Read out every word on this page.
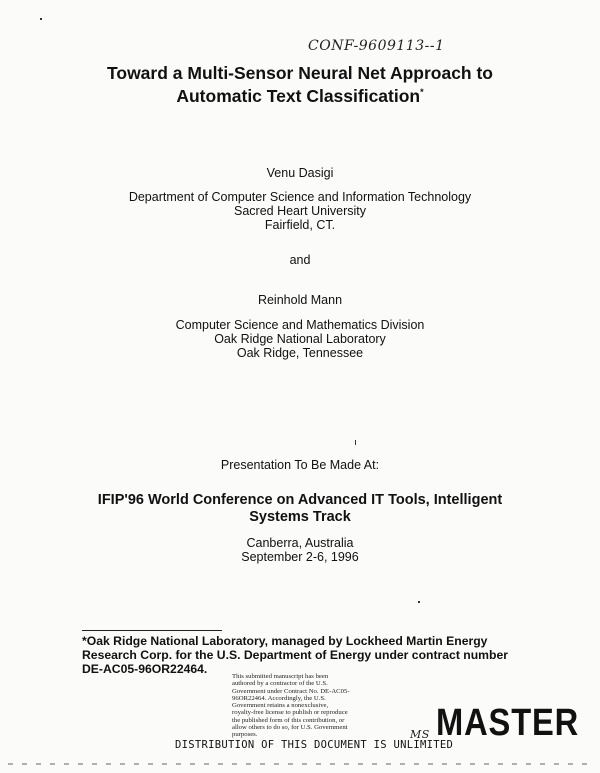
CONF-9609113--1
Toward a Multi-Sensor Neural Net Approach to
Automatic Text Classification*
Venu Dasigi
Department of Computer Science and Information Technology
Sacred Heart University
Fairfield, CT.
and
Reinhold Mann
Computer Science and Mathematics Division
Oak Ridge National Laboratory
Oak Ridge, Tennessee
Presentation To Be Made At:
IFIP'96 World Conference on Advanced IT Tools, Intelligent
Systems Track
Canberra, Australia
September 2-6, 1996
*Oak Ridge National Laboratory, managed by Lockheed Martin Energy
Research Corp. for the U.S. Department of Energy under contract number
DE-AC05-96OR22464.
This submitted manuscript has been
authored by a contractor of the U.S.
Government under Contract No. DE-AC05-
96OR22464. Accordingly, the U.S.
Government retains a nonexclusive,
royalty-free license to publish or reproduce
the published form of this contribution, or
allow others to do so, for U.S. Government
purposes.	MASTER
DISTRIBUTION OF THIS DOCUMENT IS UNLIMITED
MS
